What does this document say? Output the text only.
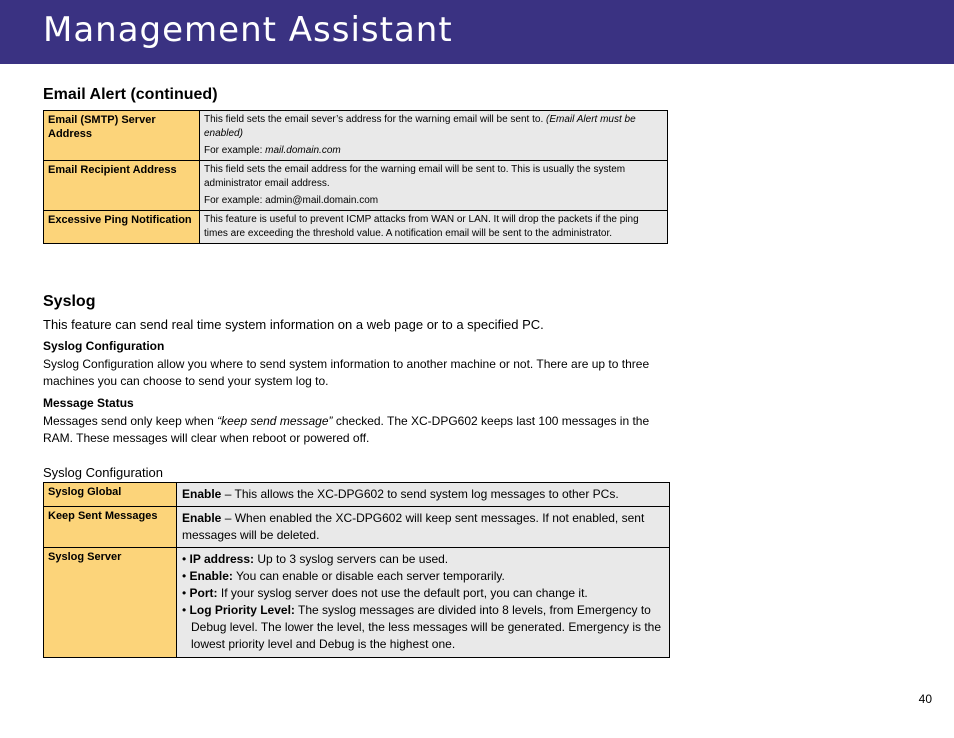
Management Assistant
Email Alert (continued)
Email (SMTP) Server Address	This field sets the email sever’s address for the warning email will be sent to. (Email Alert must be enabled)

For example: mail.domain.com

Email Recipient Address	This field sets the email address for the warning email will be sent to. This is usually the system administrator email address.

For example: admin@mail.domain.com

Excessive Ping Notification	This feature is useful to prevent ICMP attacks from WAN or LAN. It will drop the packets if the ping times are exceeding the threshold value. A notification email will be sent to the administrator.

Syslog
This feature can send real time system information on a web page or to a specified PC.
Syslog Configuration
Syslog Configuration allow you where to send system information to another machine or not. There are up to three machines you can choose to send your system log to.
Message Status
Messages send only keep when “keep send message” checked. The XC-DPG602 keeps last 100 messages in the RAM. These messages will clear when reboot or powered off.
Syslog Configuration
Syslog Global	Enable – This allows the XC-DPG602 to send system log messages to other PCs.
Keep Sent Messages	Enable – When enabled the XC-DPG602 will keep sent messages. If not enabled, sent messages will be deleted.
Syslog Server	• IP address: Up to 3 syslog servers can be used.
• Enable: You can enable or disable each server temporarily.
• Port: If your syslog server does not use the default port, you can change it.
• Log Priority Level: The syslog messages are divided into 8 levels, from Emergency to Debug level. The lower the level, the less messages will be generated. Emergency is the lowest priority level and Debug is the highest one.
40
